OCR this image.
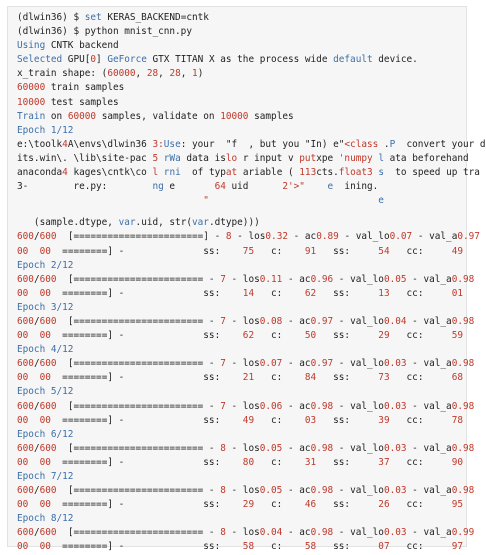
(dlwin36) $ set KERAS_BACKEND=cntk
(dlwin36) $ python mnist_cnn.py
Using CNTK backend
Selected GPU[0] GeForce GTX TITAN X as the process wide default device.
x_train shape: (60000, 28, 28, 1)
60000 train samples
10000 test samples
Train on 60000 samples, validate on 10000 samples
Epoch 1/12
e:\toolk4A\envs\dlwin36 3:Use: your  "f  , but you "In) e"<class .P  convert your d
its.win\. \lib\site-pac 5 rWa data islo r input v putxpe 'numpy l ata beforehand
anaconda4 kages\cntk\co l rni  of typat ariable ( 113cts.float3 s  to speed up tra
3-        re.py:        ng e       64 uid      2'>" e  ining.
"                              e
(sample.dtype, var.uid, str(var.dtype)))
600/600  [=======================] - 8 - los0.32 - ac0.89 - val_lo0.07 - val_a0.97
00 00  ========] -              ss:    75   c:    91   ss:     54   cc:     49
Epoch 2/12
600/600  [======================= - 7 - los0.11 - ac0.96 - val_lo0.05 - val_a0.98
00 00  ========] -              ss:    14   c:    62   ss:     13   cc:     01
Epoch 3/12
600/600  [======================= - 7 - los0.08 - ac0.97 - val_lo0.04 - val_a0.98
00 00  ========] -              ss:    62   c:    50   ss:     29   cc:     59
Epoch 4/12
600/600  [======================= - 7 - los0.07 - ac0.97 - val_lo0.03 - val_a0.98
00 00  ========] -              ss:    21   c:    84   ss:     73   cc:     68
Epoch 5/12
600/600  [======================= - 7 - los0.06 - ac0.98 - val_lo0.03 - val_a0.98
00 00  ========] -              ss:    49   c:    03   ss:     39   cc:     78
Epoch 6/12
600/600  [======================= - 8 - los0.05 - ac0.98 - val_lo0.03 - val_a0.98
00 00  ========] -              ss:    80   c:    31   ss:     37   cc:     90
Epoch 7/12
600/600  [======================= - 8 - los0.05 - ac0.98 - val_lo0.03 - val_a0.98
00 00  ========] -              ss:    29   c:    46   ss:     26   cc:     95
Epoch 8/12
600/600  [======================= - 8 - los0.04 - ac0.98 - val_lo0.03 - val_a0.99
00 00  ========] -              ss:    58   c:    58   ss:     07   cc:     97
